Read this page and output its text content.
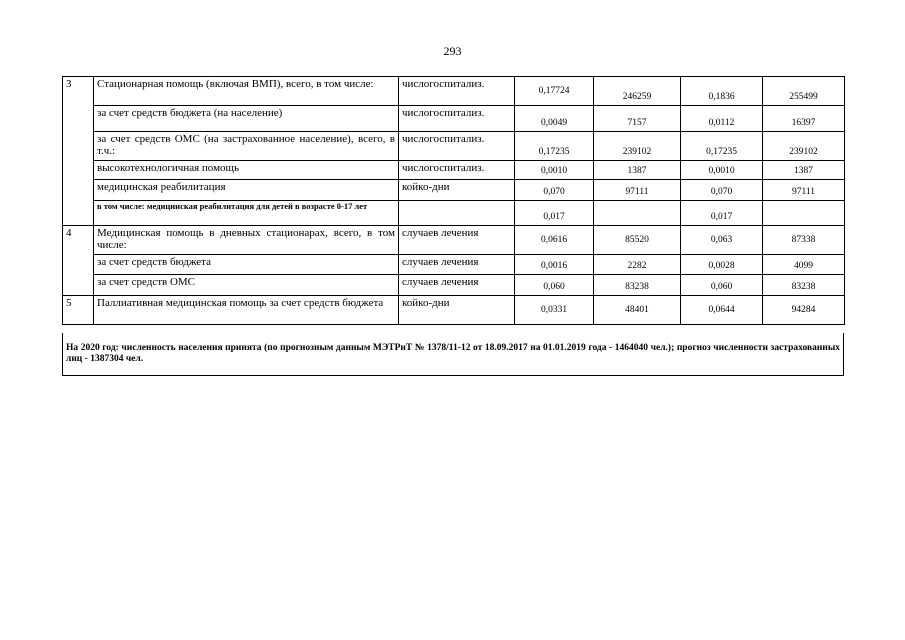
293
3	Стационарная помощь (включая ВМП), всего, в том числе:	числогоспитализ.	0,17724	246259	0,1836	255499
	за счет средств бюджета (на население)	числогоспитализ.	0,0049	7157	0,0112	16397
	за счет средств ОМС (на застрахованное население), всего, в т.ч.:	числогоспитализ.	0,17235	239102	0,17235	239102
	высокотехнологичная помощь	числогоспитализ.	0,0010	1387	0,0010	1387
	медицинская реабилитация	койко-дни	0,070	97111	0,070	97111
	в том числе: медицинская реабилитация для детей в возрасте 0-17 лет		0,017		0,017	
4	Медицинская помощь в дневных стационарах, всего, в том числе:	случаев лечения	0,0616	85520	0,063	87338
	за счет средств бюджета	случаев лечения	0,0016	2282	0,0028	4099
	за счет средств ОМС	случаев лечения	0,060	83238	0,060	83238
5	Паллиативная медицинская помощь за счет средств бюджета	койко-дни	0,0331	48401	0,0644	94284
На 2020 год: численность населения принята (по прогнозным данным МЭТРиТ № 1378/11-12 от 18.09.2017 на 01.01.2019 года - 1464040 чел.); прогноз численности застрахованных лиц - 1387304 чел.
